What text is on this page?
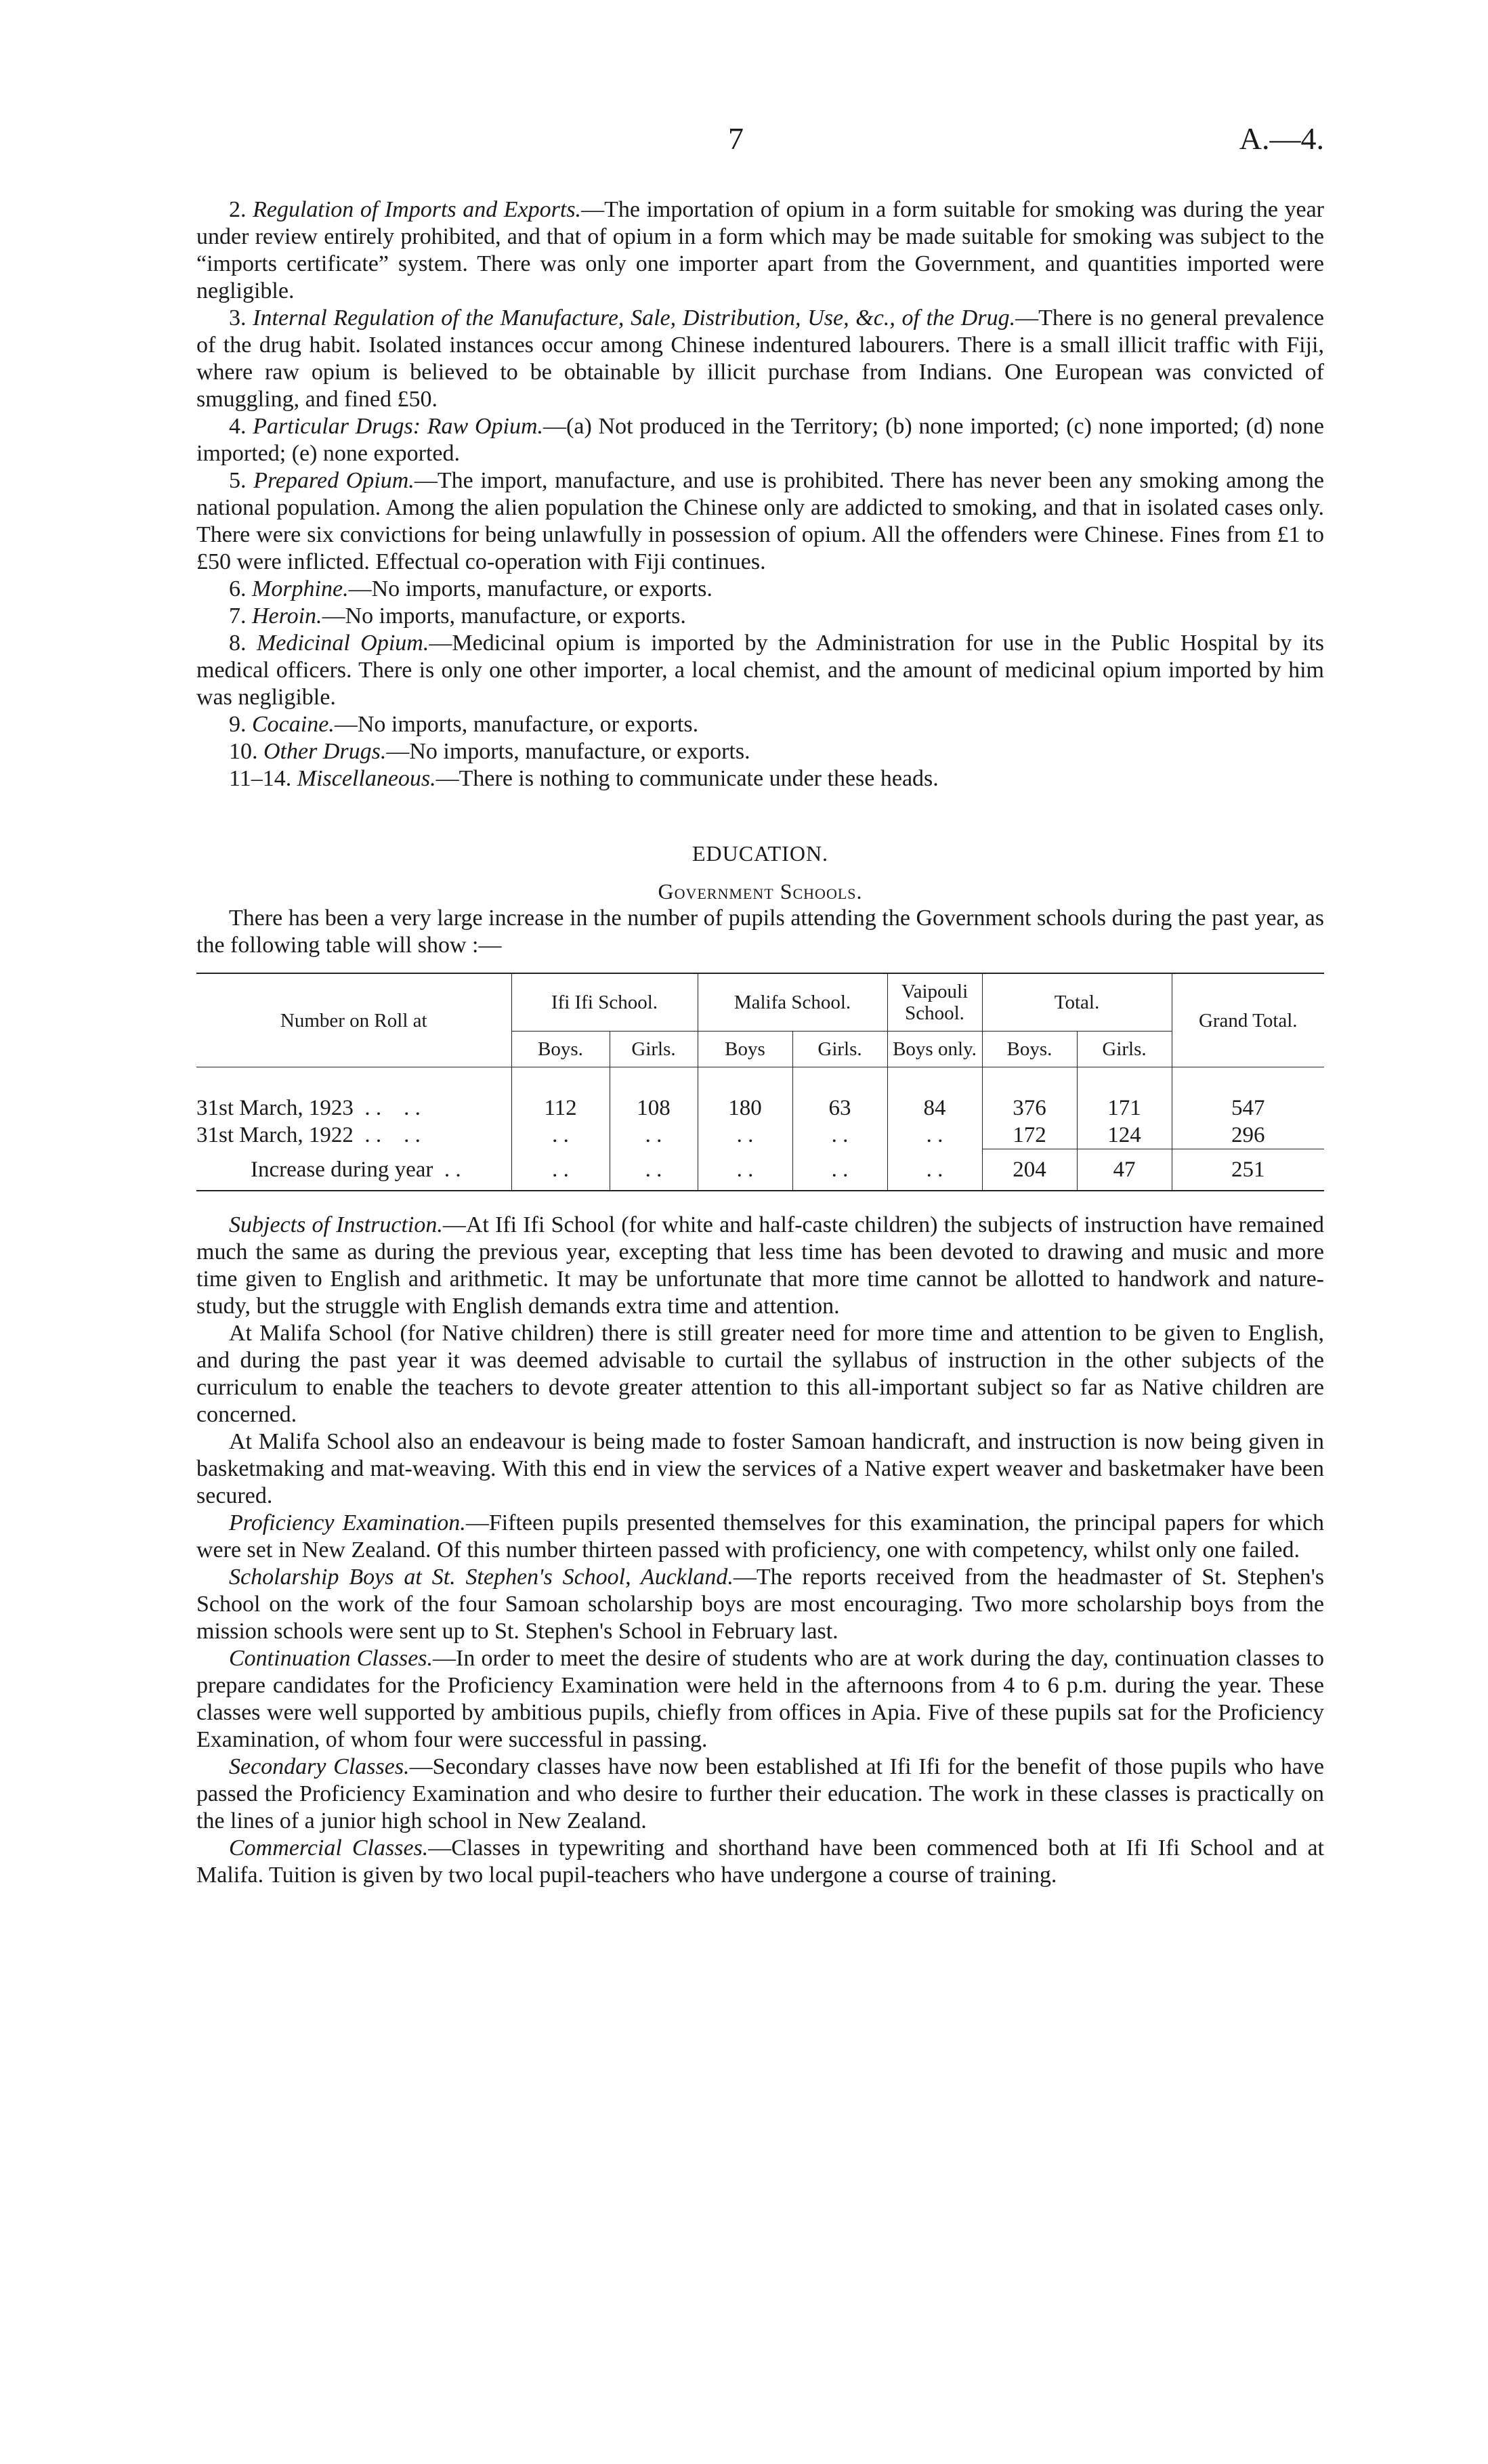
7	A.—4.

2. Regulation of Imports and Exports.—The importation of opium in a form suitable for smoking was during the year under review entirely prohibited, and that of opium in a form which may be made suitable for smoking was subject to the “imports certificate” system. There was only one importer apart from the Government, and quantities imported were negligible.

3. Internal Regulation of the Manufacture, Sale, Distribution, Use, &c., of the Drug.—There is no general prevalence of the drug habit. Isolated instances occur among Chinese indentured labourers. There is a small illicit traffic with Fiji, where raw opium is believed to be obtainable by illicit purchase from Indians. One European was convicted of smuggling, and fined £50.

4. Particular Drugs: Raw Opium.—(a) Not produced in the Territory; (b) none imported; (c) none imported; (d) none imported; (e) none exported.

5. Prepared Opium.—The import, manufacture, and use is prohibited. There has never been any smoking among the national population. Among the alien population the Chinese only are addicted to smoking, and that in isolated cases only. There were six convictions for being unlawfully in possession of opium. All the offenders were Chinese. Fines from £1 to £50 were inflicted. Effectual co-operation with Fiji continues.

6. Morphine.—No imports, manufacture, or exports.

7. Heroin.—No imports, manufacture, or exports.

8. Medicinal Opium.—Medicinal opium is imported by the Administration for use in the Public Hospital by its medical officers. There is only one other importer, a local chemist, and the amount of medicinal opium imported by him was negligible.

9. Cocaine.—No imports, manufacture, or exports.

10. Other Drugs.—No imports, manufacture, or exports.

11–14. Miscellaneous.—There is nothing to communicate under these heads.

EDUCATION.

Government Schools.

There has been a very large increase in the number of pupils attending the Government schools during the past year, as the following table will show :—

Number on Roll at	Ifi Ifi School.		Malifa School.		Vaipouli School.	Total.		Grand Total.
	Boys.	Girls.	Boys	Girls.	Boys only.	Boys.	Girls.	

31st March, 1923  . .    . .	112	108	180	63	84	376	171	547
31st March, 1922  . .    . .	. .	. .	. .	. .	. .	172	124	296
Increase during year  . .	. .	. .	. .	. .	. .	204	47	251

Subjects of Instruction.—At Ifi Ifi School (for white and half-caste children) the subjects of instruction have remained much the same as during the previous year, excepting that less time has been devoted to drawing and music and more time given to English and arithmetic. It may be unfortunate that more time cannot be allotted to handwork and nature-study, but the struggle with English demands extra time and attention.

At Malifa School (for Native children) there is still greater need for more time and attention to be given to English, and during the past year it was deemed advisable to curtail the syllabus of instruction in the other subjects of the curriculum to enable the teachers to devote greater attention to this all-important subject so far as Native children are concerned.

At Malifa School also an endeavour is being made to foster Samoan handicraft, and instruction is now being given in basketmaking and mat-weaving. With this end in view the services of a Native expert weaver and basketmaker have been secured.

Proficiency Examination.—Fifteen pupils presented themselves for this examination, the principal papers for which were set in New Zealand. Of this number thirteen passed with proficiency, one with competency, whilst only one failed.

Scholarship Boys at St. Stephen's School, Auckland.—The reports received from the headmaster of St. Stephen's School on the work of the four Samoan scholarship boys are most encouraging. Two more scholarship boys from the mission schools were sent up to St. Stephen's School in February last.

Continuation Classes.—In order to meet the desire of students who are at work during the day, continuation classes to prepare candidates for the Proficiency Examination were held in the afternoons from 4 to 6 p.m. during the year. These classes were well supported by ambitious pupils, chiefly from offices in Apia. Five of these pupils sat for the Proficiency Examination, of whom four were successful in passing.

Secondary Classes.—Secondary classes have now been established at Ifi Ifi for the benefit of those pupils who have passed the Proficiency Examination and who desire to further their education. The work in these classes is practically on the lines of a junior high school in New Zealand.

Commercial Classes.—Classes in typewriting and shorthand have been commenced both at Ifi Ifi School and at Malifa. Tuition is given by two local pupil-teachers who have undergone a course of training.
